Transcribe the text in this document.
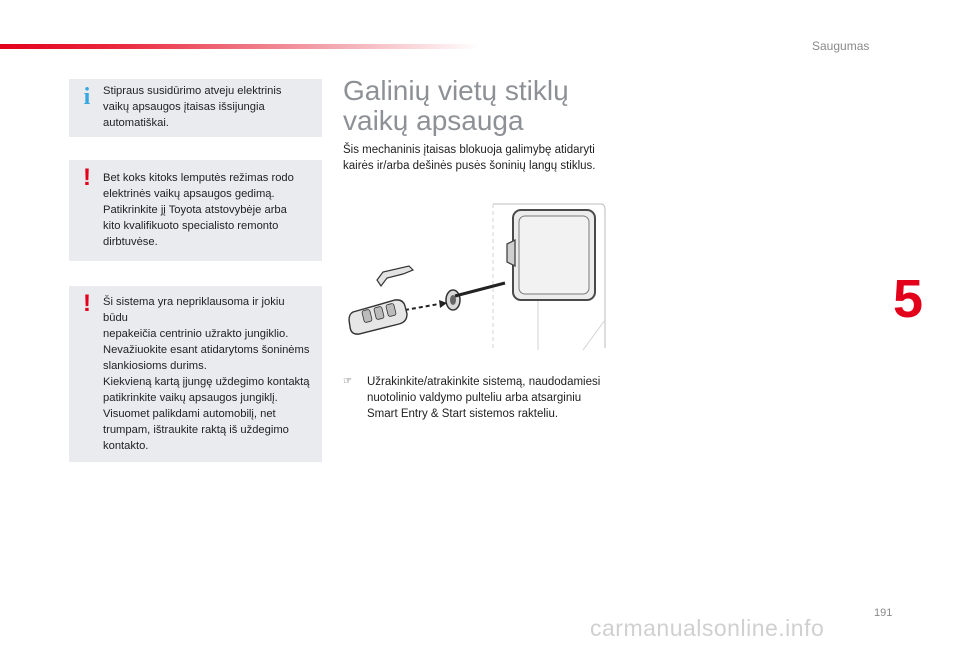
Saugumas
5
i	Stipraus susidūrimo atveju elektrinis
vaikų apsaugos įtaisas išsijungia
automatiškai.

!	Bet koks kitoks lemputės režimas rodo
elektrinės vaikų apsaugos gedimą.
Patikrinkite jį Toyota atstovybėje arba
kito kvalifikuoto specialisto remonto
dirbtuvėse.

!	Ši sistema yra nepriklausoma ir jokiu būdu
nepakeičia centrinio užrakto jungiklio.
Nevažiuokite esant atidarytoms šoninėms
slankiosioms durims.
Kiekvieną kartą įjungę uždegimo kontaktą
patikrinkite vaikų apsaugos jungiklį.
Visuomet palikdami automobilį, net
trumpam, ištraukite raktą iš uždegimo
kontakto.

Galinių vietų stiklų
vaikų apsauga

Šis mechaninis įtaisas blokuoja galimybę atidaryti kairės ir/arba dešinės pusės šoninių langų stiklus.

☞ Užrakinkite/atrakinkite sistemą, naudodamiesi nuotolinio valdymo pulteliu arba atsarginiu Smart Entry & Start sistemos rakteliu.

191
carmanualsonline.info
